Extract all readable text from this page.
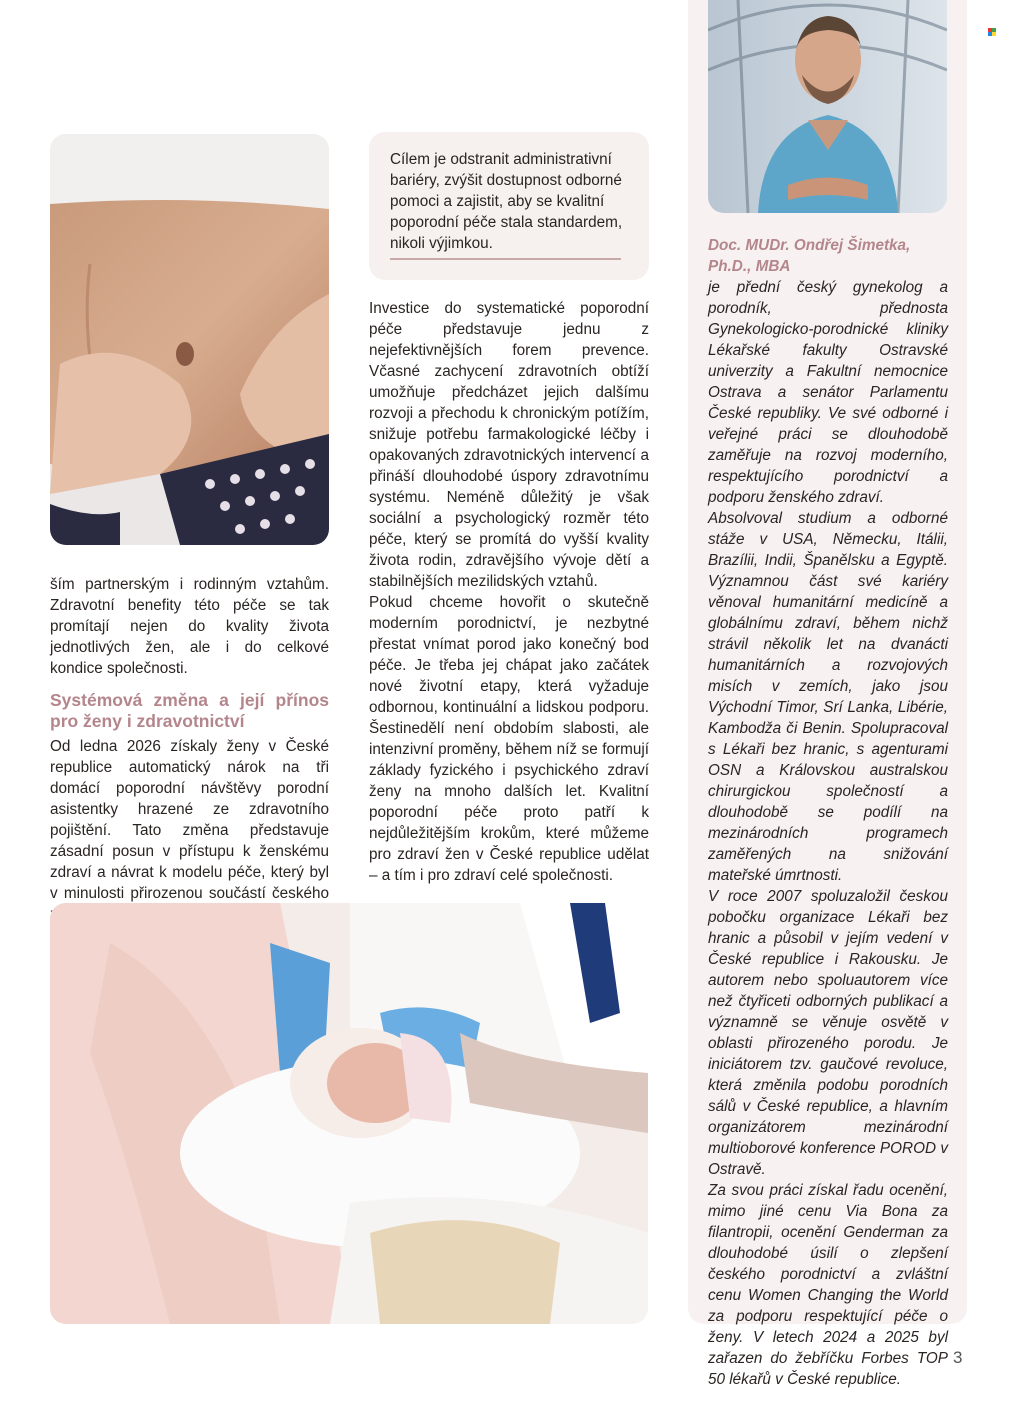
Cílem je odstranit administrativní bariéry, zvýšit dostupnost odborné pomoci a zajistit, aby se kvalitní poporodní péče stala standardem, nikoli výjimkou.

Investice do systematické poporodní péče představuje jednu z nejefektivnějších forem prevence. Včasné zachycení zdravotních obtíží umožňuje předcházet jejich dalšímu rozvoji a přechodu k chronickým potížím, snižuje potřebu farmakologické léčby i opakovaných zdravotnických intervencí a přináší dlouhodobé úspory zdravotnímu systému. Neméně důležitý je však sociální a psychologický rozměr této péče, který se promítá do vyšší kvality života rodin, zdravějšího vývoje dětí a stabilnějších mezilidských vztahů.

Pokud chceme hovořit o skutečně moderním porodnictví, je nezbytné přestat vnímat porod jako konečný bod péče. Je třeba jej chápat jako začátek nové životní etapy, která vyžaduje odbornou, kontinuální a lidskou podporu. Šestinedělí není obdobím slabosti, ale intenzivní proměny, během níž se formují základy fyzického i psychického zdraví ženy na mnoho dalších let. Kvalitní poporodní péče proto patří k nejdůležitějším krokům, které můžeme pro zdraví žen v České republice udělat – a tím i pro zdraví celé společnosti.

ším partnerským i rodinným vztahům. Zdravotní benefity této péče se tak promítají nejen do kvality života jednotlivých žen, ale i do celkové kondice společnosti.

Systémová změna a její přínos pro ženy i zdravotnictví

Od ledna 2026 získaly ženy v České republice automatický nárok na tři domácí poporodní návštěvy porodní asistentky hrazené ze zdravotního pojištění. Tato změna představuje zásadní posun v přístupu k ženskému zdraví a návrat k modelu péče, který byl v minulosti přirozenou součástí českého

Doc. MUDr. Ondřej Šimetka, Ph.D., MBA

je přední český gynekolog a porodník, přednosta Gynekologicko-porodnické kliniky Lékařské fakulty Ostravské univerzity a Fakultní nemocnice Ostrava a senátor Parlamentu České republiky. Ve své odborné i veřejné práci se dlouhodobě zaměřuje na rozvoj moderního, respektujícího porodnictví a podporu ženského zdraví.

Absolvoval studium a odborné stáže v USA, Německu, Itálii, Brazílii, Indii, Španělsku a Egyptě. Významnou část své kariéry věnoval humanitární medicíně a globálnímu zdraví, během nichž strávil několik let na dvanácti humanitárních a rozvojových misích v zemích, jako jsou Východní Timor, Srí Lanka, Libérie, Kambodža či Benin. Spolupracoval s Lékaři bez hranic, s agenturami OSN a Královskou australskou chirurgickou společností a dlouhodobě se podílí na mezinárodních programech zaměřených na snižování mateřské úmrtnosti.

V roce 2007 spoluzaložil českou pobočku organizace Lékaři bez hranic a působil v jejím vedení v České republice i Rakousku. Je autorem nebo spoluautorem více než čtyřiceti odborných publikací a významně se věnuje osvětě v oblasti přirozeného porodu. Je iniciátorem tzv. gaučové revoluce, která změnila podobu porodních sálů v České republice, a hlavním organizátorem mezinárodní multioborové konference POROD v Ostravě.

Za svou práci získal řadu ocenění, mimo jiné cenu Via Bona za filantropii, ocenění Genderman za dlouhodobé úsilí o zlepšení českého porodnictví a zvláštní cenu Women Changing the World za podporu respektující péče o ženy. V letech 2024 a 2025 byl zařazen do žebříčku Forbes TOP 50 lékařů v České republice.

3
